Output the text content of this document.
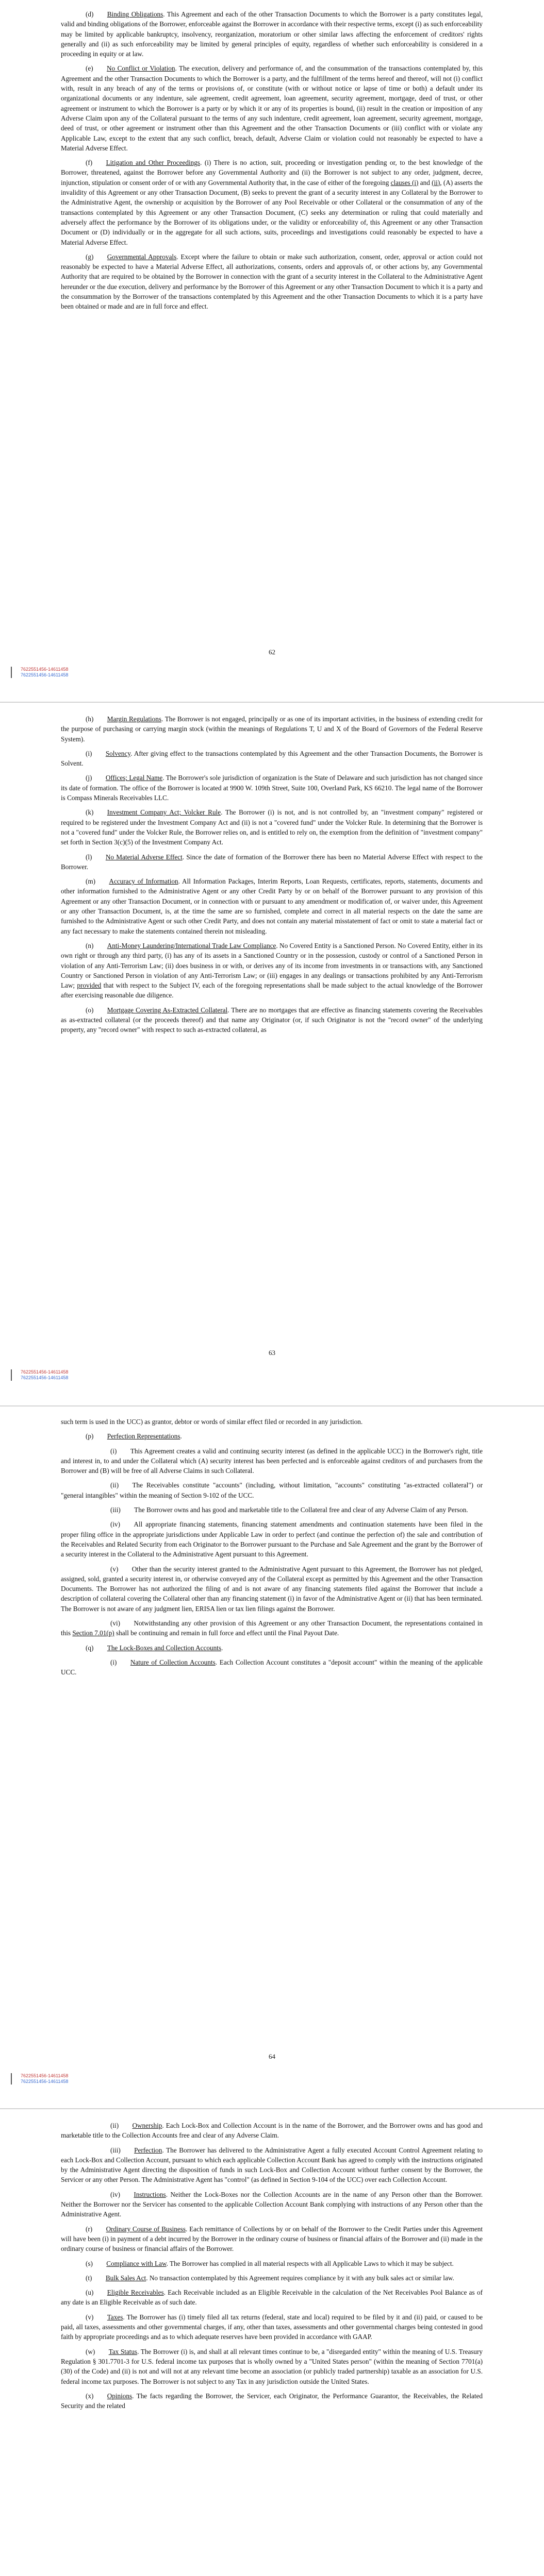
(d)   Binding Obligations. This Agreement and each of the other Transaction Documents to which the Borrower is a party constitutes legal, valid and binding obligations of the Borrower, enforceable against the Borrower in accordance with their respective terms, except (i) as such enforceability may be limited by applicable bankruptcy, insolvency, reorganization, moratorium or other similar laws affecting the enforcement of creditors' rights generally and (ii) as such enforceability may be limited by general principles of equity, regardless of whether such enforceability is considered in a proceeding in equity or at law.

(e)   No Conflict or Violation. The execution, delivery and performance of, and the consummation of the transactions contemplated by, this Agreement and the other Transaction Documents to which the Borrower is a party, and the fulfillment of the terms hereof and thereof, will not (i) conflict with, result in any breach of any of the terms or provisions of, or constitute (with or without notice or lapse of time or both) a default under its organizational documents or any indenture, sale agreement, credit agreement, loan agreement, security agreement, mortgage, deed of trust, or other agreement or instrument to which the Borrower is a party or by which it or any of its properties is bound, (ii) result in the creation or imposition of any Adverse Claim upon any of the Collateral pursuant to the terms of any such indenture, credit agreement, loan agreement, security agreement, mortgage, deed of trust, or other agreement or instrument other than this Agreement and the other Transaction Documents or (iii) conflict with or violate any Applicable Law, except to the extent that any such conflict, breach, default, Adverse Claim or violation could not reasonably be expected to have a Material Adverse Effect.

(f)   Litigation and Other Proceedings. (i) There is no action, suit, proceeding or investigation pending or, to the best knowledge of the Borrower, threatened, against the Borrower before any Governmental Authority and (ii) the Borrower is not subject to any order, judgment, decree, injunction, stipulation or consent order of or with any Governmental Authority that, in the case of either of the foregoing clauses (i) and (ii), (A) asserts the invalidity of this Agreement or any other Transaction Document, (B) seeks to prevent the grant of a security interest in any Collateral by the Borrower to the Administrative Agent, the ownership or acquisition by the Borrower of any Pool Receivable or other Collateral or the consummation of any of the transactions contemplated by this Agreement or any other Transaction Document, (C) seeks any determination or ruling that could materially and adversely affect the performance by the Borrower of its obligations under, or the validity or enforceability of, this Agreement or any other Transaction Document or (D) individually or in the aggregate for all such actions, suits, proceedings and investigations could reasonably be expected to have a Material Adverse Effect.

(g)   Governmental Approvals. Except where the failure to obtain or make such authorization, consent, order, approval or action could not reasonably be expected to have a Material Adverse Effect, all authorizations, consents, orders and approvals of, or other actions by, any Governmental Authority that are required to be obtained by the Borrower in connection with the grant of a security interest in the Collateral to the Administrative Agent hereunder or the due execution, delivery and performance by the Borrower of this Agreement or any other Transaction Document to which it is a party and the consummation by the Borrower of the transactions contemplated by this Agreement and the other Transaction Documents to which it is a party have been obtained or made and are in full force and effect.

62
7622551456-14611458
7622551456-14611458

(h)   Margin Regulations. The Borrower is not engaged, principally or as one of its important activities, in the business of extending credit for the purpose of purchasing or carrying margin stock (within the meanings of Regulations T, U and X of the Board of Governors of the Federal Reserve System).

(i)   Solvency. After giving effect to the transactions contemplated by this Agreement and the other Transaction Documents, the Borrower is Solvent.

(j)   Offices; Legal Name. The Borrower's sole jurisdiction of organization is the State of Delaware and such jurisdiction has not changed since its date of formation. The office of the Borrower is located at 9900 W. 109th Street, Suite 100, Overland Park, KS 66210. The legal name of the Borrower is Compass Minerals Receivables LLC.

(k)   Investment Company Act; Volcker Rule. The Borrower (i) is not, and is not controlled by, an "investment company" registered or required to be registered under the Investment Company Act and (ii) is not a "covered fund" under the Volcker Rule. In determining that the Borrower is not a "covered fund" under the Volcker Rule, the Borrower relies on, and is entitled to rely on, the exemption from the definition of "investment company" set forth in Section 3(c)(5) of the Investment Company Act.

(l)   No Material Adverse Effect. Since the date of formation of the Borrower there has been no Material Adverse Effect with respect to the Borrower.

(m)   Accuracy of Information. All Information Packages, Interim Reports, Loan Requests, certificates, reports, statements, documents and other information furnished to the Administrative Agent or any other Credit Party by or on behalf of the Borrower pursuant to any provision of this Agreement or any other Transaction Document, or in connection with or pursuant to any amendment or modification of, or waiver under, this Agreement or any other Transaction Document, is, at the time the same are so furnished, complete and correct in all material respects on the date the same are furnished to the Administrative Agent or such other Credit Party, and does not contain any material misstatement of fact or omit to state a material fact or any fact necessary to make the statements contained therein not misleading.

(n)   Anti-Money Laundering/International Trade Law Compliance. No Covered Entity is a Sanctioned Person. No Covered Entity, either in its own right or through any third party, (i) has any of its assets in a Sanctioned Country or in the possession, custody or control of a Sanctioned Person in violation of any Anti-Terrorism Law; (ii) does business in or with, or derives any of its income from investments in or transactions with, any Sanctioned Country or Sanctioned Person in violation of any Anti-Terrorism Law; or (iii) engages in any dealings or transactions prohibited by any Anti-Terrorism Law; provided that with respect to the Subject IV, each of the foregoing representations shall be made subject to the actual knowledge of the Borrower after exercising reasonable due diligence.

(o)   Mortgage Covering As-Extracted Collateral. There are no mortgages that are effective as financing statements covering the Receivables as as-extracted collateral (or the proceeds thereof) and that name any Originator (or, if such Originator is not the "record owner" of the underlying property, any "record owner" with respect to such as-extracted collateral, as

63
7622551456-14611458
7622551456-14611458

such term is used in the UCC) as grantor, debtor or words of similar effect filed or recorded in any jurisdiction.

(p)   Perfection Representations.

(i)   This Agreement creates a valid and continuing security interest (as defined in the applicable UCC) in the Borrower's right, title and interest in, to and under the Collateral which (A) security interest has been perfected and is enforceable against creditors of and purchasers from the Borrower and (B) will be free of all Adverse Claims in such Collateral.

(ii)   The Receivables constitute "accounts" (including, without limitation, "accounts" constituting "as-extracted collateral") or "general intangibles" within the meaning of Section 9-102 of the UCC.

(iii)   The Borrower owns and has good and marketable title to the Collateral free and clear of any Adverse Claim of any Person.

(iv)   All appropriate financing statements, financing statement amendments and continuation statements have been filed in the proper filing office in the appropriate jurisdictions under Applicable Law in order to perfect (and continue the perfection of) the sale and contribution of the Receivables and Related Security from each Originator to the Borrower pursuant to the Purchase and Sale Agreement and the grant by the Borrower of a security interest in the Collateral to the Administrative Agent pursuant to this Agreement.

(v)   Other than the security interest granted to the Administrative Agent pursuant to this Agreement, the Borrower has not pledged, assigned, sold, granted a security interest in, or otherwise conveyed any of the Collateral except as permitted by this Agreement and the other Transaction Documents. The Borrower has not authorized the filing of and is not aware of any financing statements filed against the Borrower that include a description of collateral covering the Collateral other than any financing statement (i) in favor of the Administrative Agent or (ii) that has been terminated. The Borrower is not aware of any judgment lien, ERISA lien or tax lien filings against the Borrower.

(vi)   Notwithstanding any other provision of this Agreement or any other Transaction Document, the representations contained in this Section 7.01(p) shall be continuing and remain in full force and effect until the Final Payout Date.

(q)   The Lock-Boxes and Collection Accounts.

(i)   Nature of Collection Accounts. Each Collection Account constitutes a "deposit account" within the meaning of the applicable UCC.

64
7622551456-14611458
7622551456-14611458

(ii)   Ownership. Each Lock-Box and Collection Account is in the name of the Borrower, and the Borrower owns and has good and marketable title to the Collection Accounts free and clear of any Adverse Claim.

(iii)   Perfection. The Borrower has delivered to the Administrative Agent a fully executed Account Control Agreement relating to each Lock-Box and Collection Account, pursuant to which each applicable Collection Account Bank has agreed to comply with the instructions originated by the Administrative Agent directing the disposition of funds in such Lock-Box and Collection Account without further consent by the Borrower, the Servicer or any other Person. The Administrative Agent has "control" (as defined in Section 9-104 of the UCC) over each Collection Account.

(iv)   Instructions. Neither the Lock-Boxes nor the Collection Accounts are in the name of any Person other than the Borrower. Neither the Borrower nor the Servicer has consented to the applicable Collection Account Bank complying with instructions of any Person other than the Administrative Agent.

(r)   Ordinary Course of Business. Each remittance of Collections by or on behalf of the Borrower to the Credit Parties under this Agreement will have been (i) in payment of a debt incurred by the Borrower in the ordinary course of business or financial affairs of the Borrower and (ii) made in the ordinary course of business or financial affairs of the Borrower.

(s)   Compliance with Law. The Borrower has complied in all material respects with all Applicable Laws to which it may be subject.

(t)   Bulk Sales Act. No transaction contemplated by this Agreement requires compliance by it with any bulk sales act or similar law.

(u)   Eligible Receivables. Each Receivable included as an Eligible Receivable in the calculation of the Net Receivables Pool Balance as of any date is an Eligible Receivable as of such date.

(v)   Taxes. The Borrower has (i) timely filed all tax returns (federal, state and local) required to be filed by it and (ii) paid, or caused to be paid, all taxes, assessments and other governmental charges, if any, other than taxes, assessments and other governmental charges being contested in good faith by appropriate proceedings and as to which adequate reserves have been provided in accordance with GAAP.

(w)   Tax Status. The Borrower (i) is, and shall at all relevant times continue to be, a "disregarded entity" within the meaning of U.S. Treasury Regulation § 301.7701-3 for U.S. federal income tax purposes that is wholly owned by a "United States person" (within the meaning of Section 7701(a)(30) of the Code) and (ii) is not and will not at any relevant time become an association (or publicly traded partnership) taxable as an association for U.S. federal income tax purposes. The Borrower is not subject to any Tax in any jurisdiction outside the United States.

(x)   Opinions. The facts regarding the Borrower, the Servicer, each Originator, the Performance Guarantor, the Receivables, the Related Security and the related
